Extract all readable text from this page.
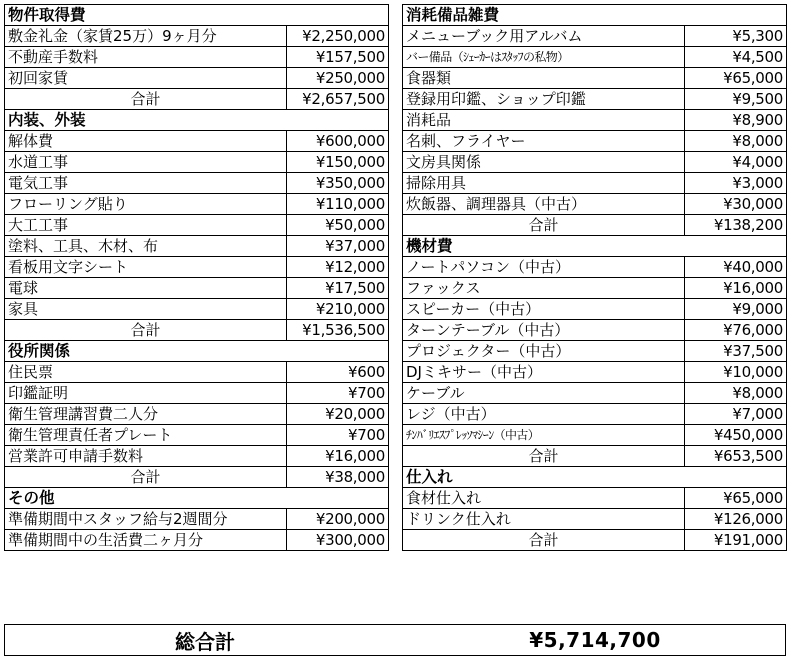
物件取得費	
敷金礼金（家賃25万）9ヶ月分	¥2,250,000
不動産手数料	¥157,500
初回家賃	¥250,000
合計	¥2,657,500
内装、外装	
解体費	¥600,000
水道工事	¥150,000
電気工事	¥350,000
フローリング貼り	¥110,000
大工工事	¥50,000
塗料、工具、木材、布	¥37,000
看板用文字シート	¥12,000
電球	¥17,500
家具	¥210,000
合計	¥1,536,500
役所関係	
住民票	¥600
印鑑証明	¥700
衛生管理講習費二人分	¥20,000
衛生管理責任者プレート	¥700
営業許可申請手数料	¥16,000
合計	¥38,000
その他	
準備期間中スタッフ給与2週間分	¥200,000
準備期間中の生活費二ヶ月分	¥300,000
消耗備品雑費	
メニューブック用アルバム	¥5,300
バー備品（ｼｪｰｶｰはｽﾀｯﾌの私物）	¥4,500
食器類	¥65,000
登録用印鑑、ショップ印鑑	¥9,500
消耗品	¥8,900
名刺、フライヤー	¥8,000
文房具関係	¥4,000
掃除用具	¥3,000
炊飯器、調理器具（中古）	¥30,000
合計	¥138,200
機材費	
ノートパソコン（中古）	¥40,000
ファックス	¥16,000
スピーカー（中古）	¥9,000
ターンテーブル（中古）	¥76,000
プロジェクター（中古）	¥37,500
DJミキサー（中古）	¥10,000
ケーブル	¥8,000
レジ（中古）	¥7,000
ﾁﾝﾊﾞﾘｴｽﾌﾟﾚｯｿﾏｼｰﾝ（中古）	¥450,000
合計	¥653,500
仕入れ	
食材仕入れ	¥65,000
ドリンク仕入れ	¥126,000
合計	¥191,000
総合計	¥5,714,700
